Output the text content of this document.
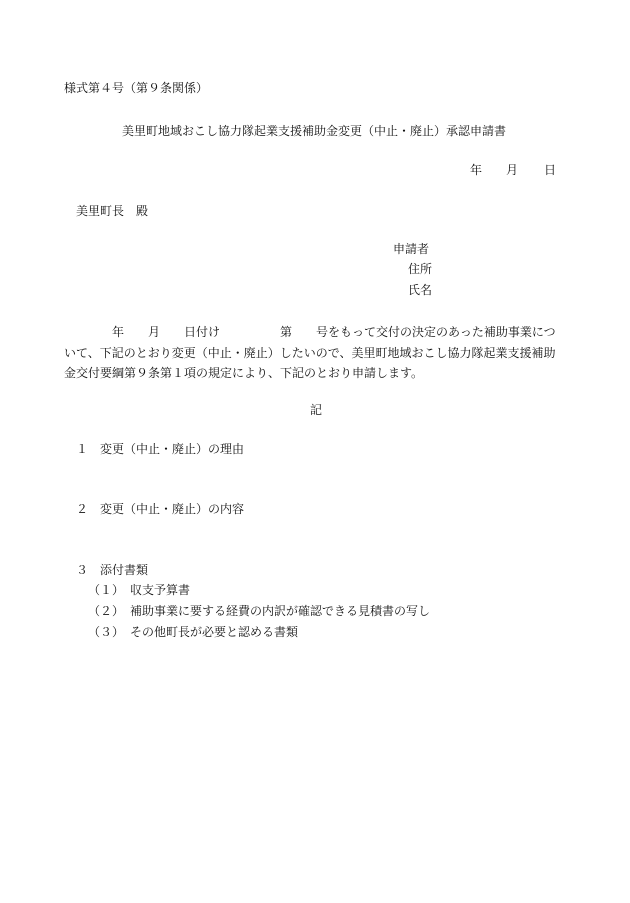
様式第４号（第９条関係）
美里町地域おこし協力隊起業支援補助金変更（中止・廃止）承認申請書
年 月 日
美里町長　殿
申請者
住所
氏名
　　　　年　　月　　日付け　　　　　第　　号をもって交付の決定のあった補助事業につ
いて、下記のとおり変更（中止・廃止）したいので、美里町地域おこし協力隊起業支援補助
金交付要綱第９条第１項の規定により、下記のとおり申請します。
記
１ 変更（中止・廃止）の理由
２ 変更（中止・廃止）の内容
３ 添付書類
（１） 収支予算書
（２） 補助事業に要する経費の内訳が確認できる見積書の写し
（３） その他町長が必要と認める書類
